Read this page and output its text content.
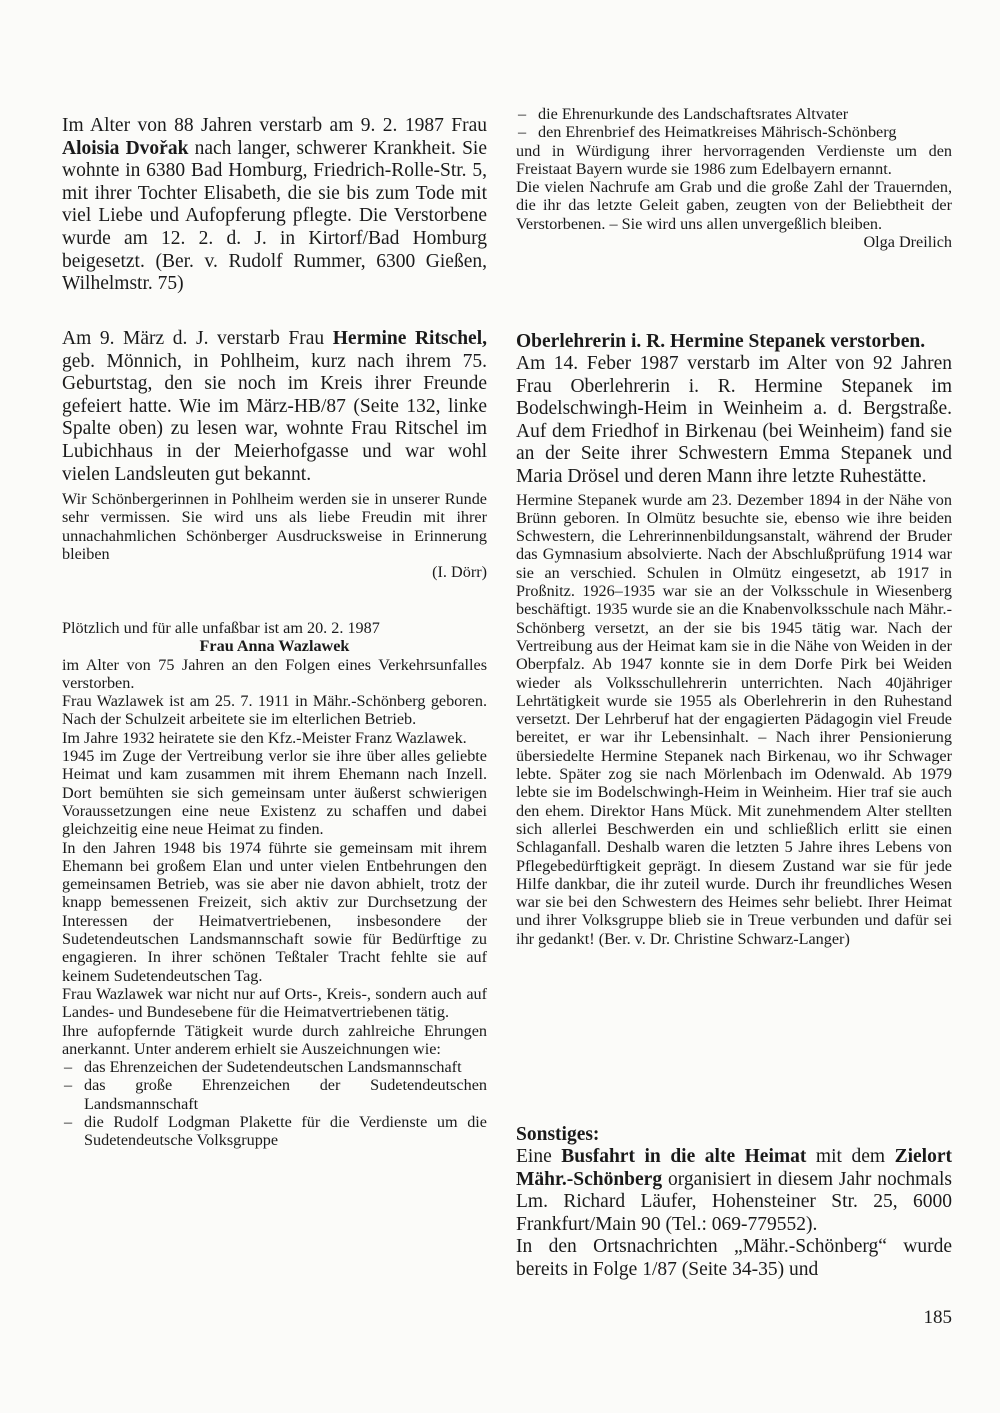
Im Alter von 88 Jahren verstarb am 9. 2. 1987 Frau Aloisia Dvořak nach langer, schwerer Krankheit. Sie wohnte in 6380 Bad Homburg, Friedrich-Rolle-Str. 5, mit ihrer Tochter Elisabeth, die sie bis zum Tode mit viel Liebe und Aufopferung pflegte. Die Verstorbene wurde am 12. 2. d. J. in Kirtorf/Bad Homburg beigesetzt. (Ber. v. Rudolf Rummer, 6300 Gießen, Wilhelmstr. 75)

Am 9. März d. J. verstarb Frau Hermine Ritschel, geb. Mönnich, in Pohlheim, kurz nach ihrem 75. Geburtstag, den sie noch im Kreis ihrer Freunde gefeiert hatte. Wie im März-HB/87 (Seite 132, linke Spalte oben) zu lesen war, wohnte Frau Ritschel im Lubichhaus in der Meierhofgasse und war wohl vielen Landsleuten gut bekannt.

Wir Schönbergerinnen in Pohlheim werden sie in unserer Runde sehr vermissen. Sie wird uns als liebe Freudin mit ihrer unnachahmlichen Schönberger Ausdrucksweise in Erinnerung bleiben

(I. Dörr)

Plötzlich und für alle unfaßbar ist am 20. 2. 1987

Frau Anna Wazlawek

im Alter von 75 Jahren an den Folgen eines Verkehrsunfalles verstorben.

Frau Wazlawek ist am 25. 7. 1911 in Mähr.-Schönberg geboren. Nach der Schulzeit arbeitete sie im elterlichen Betrieb.

Im Jahre 1932 heiratete sie den Kfz.-Meister Franz Wazlawek.

1945 im Zuge der Vertreibung verlor sie ihre über alles geliebte Heimat und kam zusammen mit ihrem Ehemann nach Inzell. Dort bemühten sie sich gemeinsam unter äußerst schwierigen Voraussetzungen eine neue Existenz zu schaffen und dabei gleichzeitig eine neue Heimat zu finden.

In den Jahren 1948 bis 1974 führte sie gemeinsam mit ihrem Ehemann bei großem Elan und unter vielen Entbehrungen den gemeinsamen Betrieb, was sie aber nie davon abhielt, trotz der knapp bemessenen Freizeit, sich aktiv zur Durchsetzung der Interessen der Heimatvertriebenen, insbesondere der Sudetendeutschen Landsmannschaft sowie für Bedürftige zu engagieren. In ihrer schönen Teßtaler Tracht fehlte sie auf keinem Sudetendeutschen Tag.

Frau Wazlawek war nicht nur auf Orts-, Kreis-, sondern auch auf Landes- und Bundesebene für die Heimatvertriebenen tätig.

Ihre aufopfernde Tätigkeit wurde durch zahlreiche Ehrungen anerkannt. Unter anderem erhielt sie Auszeichnungen wie:

– das Ehrenzeichen der Sudetendeutschen Landsmannschaft
– das große Ehrenzeichen der Sudetendeutschen Landsmannschaft
– die Rudolf Lodgman Plakette für die Verdienste um die Sudetendeutsche Volksgruppe
– die Ehrenurkunde des Landschaftsrates Altvater
– den Ehrenbrief des Heimatkreises Mährisch-Schönberg

und in Würdigung ihrer hervorragenden Verdienste um den Freistaat Bayern wurde sie 1986 zum Edelbayern ernannt.

Die vielen Nachrufe am Grab und die große Zahl der Trauernden, die ihr das letzte Geleit gaben, zeugten von der Beliebtheit der Verstorbenen. – Sie wird uns allen unvergeßlich bleiben.

Olga Dreilich

Oberlehrerin i. R. Hermine Stepanek verstorben.

Am 14. Feber 1987 verstarb im Alter von 92 Jahren Frau Oberlehrerin i. R. Hermine Stepanek im Bodelschwingh-Heim in Weinheim a. d. Bergstraße. Auf dem Friedhof in Birkenau (bei Weinheim) fand sie an der Seite ihrer Schwestern Emma Stepanek und Maria Drösel und deren Mann ihre letzte Ruhestätte.

Hermine Stepanek wurde am 23. Dezember 1894 in der Nähe von Brünn geboren. In Olmütz besuchte sie, ebenso wie ihre beiden Schwestern, die Lehrerinnenbildungsanstalt, während der Bruder das Gymnasium absolvierte. Nach der Abschlußprüfung 1914 war sie an verschied. Schulen in Olmütz eingesetzt, ab 1917 in Proßnitz. 1926–1935 war sie an der Volksschule in Wiesenberg beschäftigt. 1935 wurde sie an die Knabenvolksschule nach Mähr.-Schönberg versetzt, an der sie bis 1945 tätig war. Nach der Vertreibung aus der Heimat kam sie in die Nähe von Weiden in der Oberpfalz. Ab 1947 konnte sie in dem Dorfe Pirk bei Weiden wieder als Volksschullehrerin unterrichten. Nach 40jähriger Lehrtätigkeit wurde sie 1955 als Oberlehrerin in den Ruhestand versetzt. Der Lehrberuf hat der engagierten Pädagogin viel Freude bereitet, er war ihr Lebensinhalt. – Nach ihrer Pensionierung übersiedelte Hermine Stepanek nach Birkenau, wo ihr Schwager lebte. Später zog sie nach Mörlenbach im Odenwald. Ab 1979 lebte sie im Bodelschwingh-Heim in Weinheim. Hier traf sie auch den ehem. Direktor Hans Mück. Mit zunehmendem Alter stellten sich allerlei Beschwerden ein und schließlich erlitt sie einen Schlaganfall. Deshalb waren die letzten 5 Jahre ihres Lebens von Pflegebedürftigkeit geprägt. In diesem Zustand war sie für jede Hilfe dankbar, die ihr zuteil wurde. Durch ihr freundliches Wesen war sie bei den Schwestern des Heimes sehr beliebt. Ihrer Heimat und ihrer Volksgruppe blieb sie in Treue verbunden und dafür sei ihr gedankt! (Ber. v. Dr. Christine Schwarz-Langer)

Sonstiges:

Eine Busfahrt in die alte Heimat mit dem Zielort Mähr.-Schönberg organisiert in diesem Jahr nochmals Lm. Richard Läufer, Hohensteiner Str. 25, 6000 Frankfurt/Main 90 (Tel.: 069-779552).

In den Ortsnachrichten „Mähr.-Schönberg“ wurde bereits in Folge 1/87 (Seite 34-35) und

185
